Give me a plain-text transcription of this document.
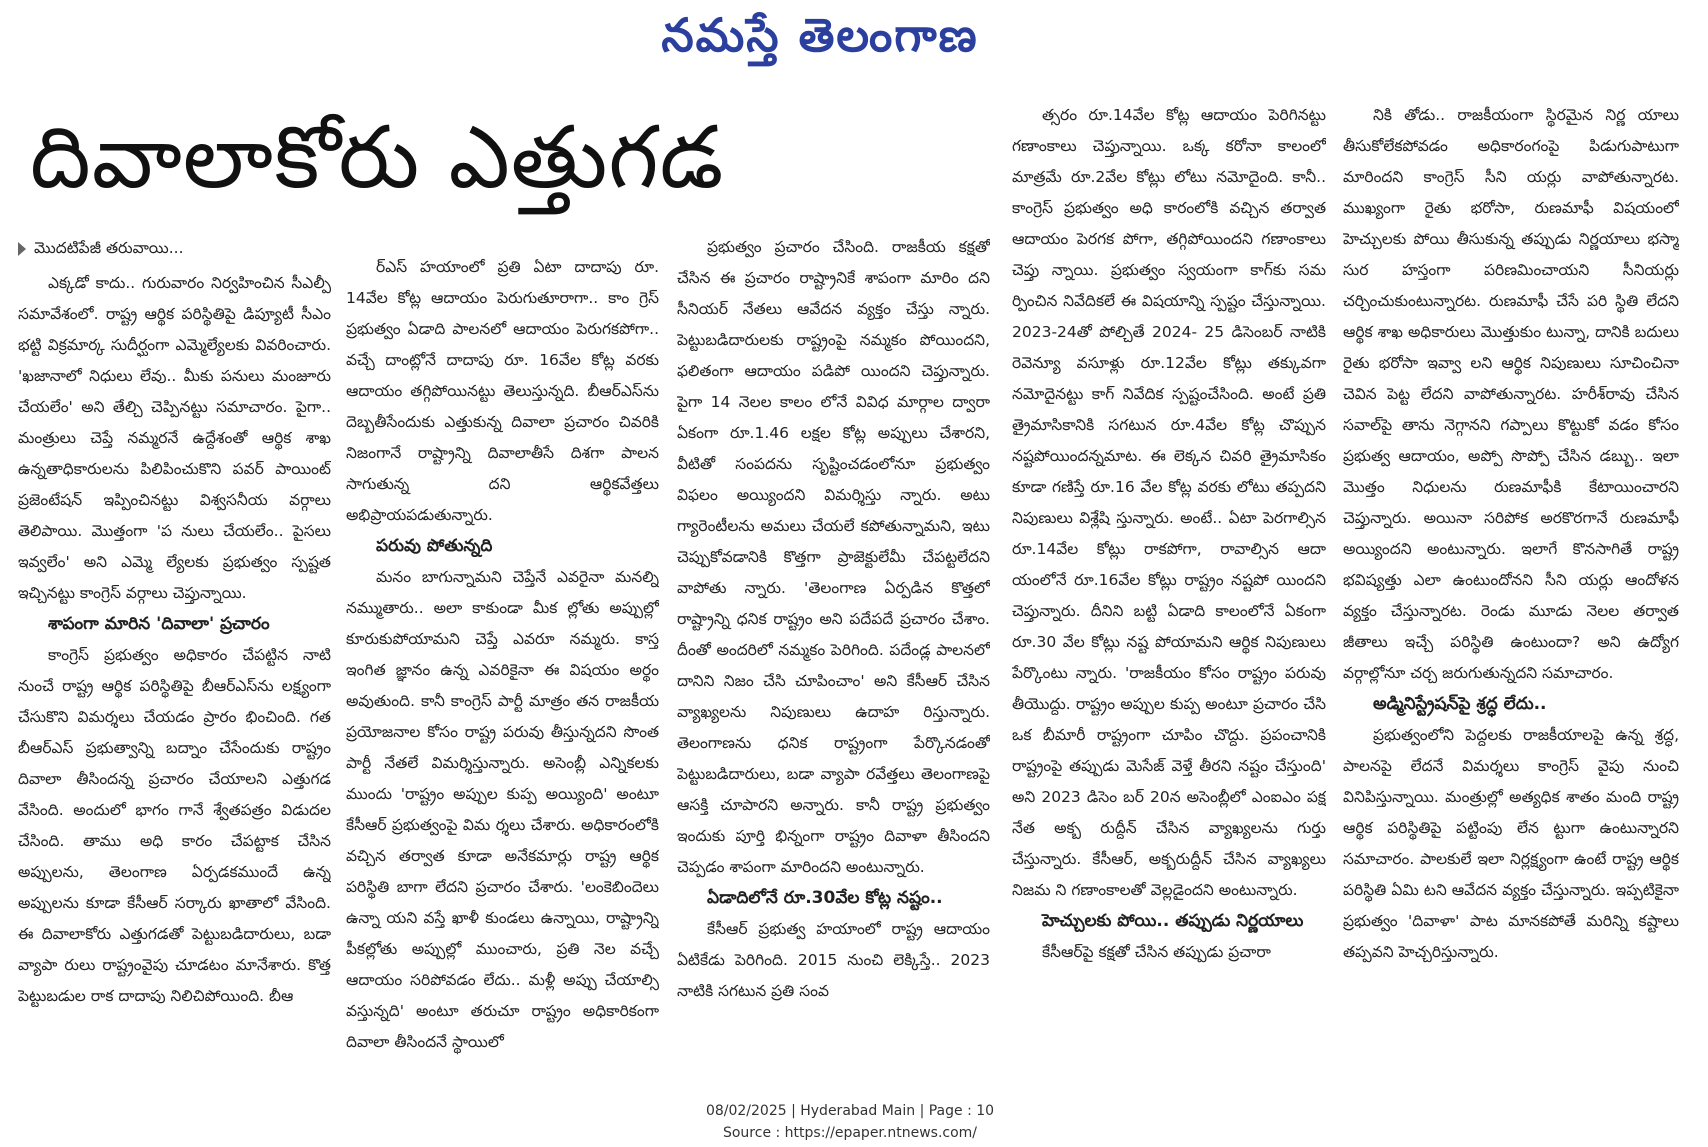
నమస్తే తెలంగాణ
దివాలాకోరు ఎత్తుగడ
మొదటిపేజీ తరువాయి...

ఎక్కడో కాదు.. గురువారం నిర్వహించిన సీఎల్పీ సమావేశంలో. రాష్ట్ర ఆర్థిక పరిస్థితిపై డిప్యూటీ సీఎం భట్టి విక్రమార్క సుదీర్ఘంగా ఎమ్మెల్యేలకు వివరించారు. 'ఖజానాలో నిధులు లేవు.. మీకు పనులు మంజూరు చేయలేం' అని తేల్చి చెప్పినట్టు సమాచారం. పైగా.. మంత్రులు చెప్తే నమ్మరనే ఉద్దేశంతో ఆర్థిక శాఖ ఉన్నతాధికారులను పిలిపించుకొని పవర్ పాయింట్ ప్రజెంటేషన్ ఇప్పించినట్టు విశ్వసనీయ వర్గాలు తెలిపాయి. మొత్తంగా 'ప నులు చేయలేం.. పైసలు ఇవ్వలేం' అని ఎమ్మె ల్యేలకు ప్రభుత్వం స్పష్టత ఇచ్చినట్టు కాంగ్రెస్ వర్గాలు చెప్తున్నాయి.

శాపంగా మారిన 'దివాలా' ప్రచారం

కాంగ్రెస్ ప్రభుత్వం అధికారం చేపట్టిన నాటి నుంచే రాష్ట్ర ఆర్థిక పరిస్థితిపై బీఆర్ఎస్‌ను లక్ష్యంగా చేసుకొని విమర్శలు చేయడం ప్రారం భించింది. గత బీఆర్ఎస్ ప్రభుత్వాన్ని బద్నాం చేసేందుకు రాష్ట్రం దివాలా తీసిందన్న ప్రచారం చేయాలని ఎత్తుగడ వేసింది. అందులో భాగం గానే శ్వేతపత్రం విడుదల చేసింది. తాము అధి కారం చేపట్టాక చేసిన అప్పులను, తెలంగాణ ఏర్పడకముందే ఉన్న అప్పులను కూడా కేసీఆర్ సర్కారు ఖాతాలో వేసింది. ఈ దివాలాకోరు ఎత్తుగడతో పెట్టుబడిదారులు, బడా వ్యాపా రులు రాష్ట్రంవైపు చూడటం మానేశారు. కొత్త పెట్టుబడుల రాక దాదాపు నిలిచిపోయింది. బీఆ

ర్ఎస్ హయాంలో ప్రతి ఏటా దాదాపు రూ. 14వేల కోట్ల ఆదాయం పెరుగుతూరాగా.. కాం గ్రెస్ ప్రభుత్వం ఏడాది పాలనలో ఆదాయం పెరుగకపోగా.. వచ్చే దాంట్లోనే దాదాపు రూ. 16వేల కోట్ల వరకు ఆదాయం తగ్గిపోయినట్టు తెలుస్తున్నది. బీఆర్ఎస్‌ను దెబ్బతీసేందుకు ఎత్తుకున్న దివాలా ప్రచారం చివరికి నిజంగానే రాష్ట్రాన్ని దివాలాతీసే దిశగా పాలన సాగుతున్న దని ఆర్థికవేత్తలు అభిప్రాయపడుతున్నారు.

పరువు పోతున్నది

మనం బాగున్నామని చెప్తేనే ఎవరైనా మనల్ని నమ్ముతారు.. అలా కాకుండా మీక ల్లోతు అప్పుల్లో కూరుకుపోయామని చెప్తే ఎవరూ నమ్మరు. కాస్త ఇంగిత జ్ఞానం ఉన్న ఎవరికైనా ఈ విషయం అర్థం అవుతుంది. కానీ కాంగ్రెస్ పార్టీ మాత్రం తన రాజకీయ ప్రయోజనాల కోసం రాష్ట్ర పరువు తీస్తున్నదని సొంత పార్టీ నేతలే విమర్శిస్తున్నారు. అసెంబ్లీ ఎన్నికలకు ముందు 'రాష్ట్రం అప్పుల కుప్ప అయ్యింది' అంటూ కేసీఆర్ ప్రభుత్వంపై విమ ర్శలు చేశారు. అధికారంలోకి వచ్చిన తర్వాత కూడా అనేకమార్లు రాష్ట్ర ఆర్థిక పరిస్థితి బాగా లేదని ప్రచారం చేశారు. 'లంకెబిందెలు ఉన్నా యని వస్తే ఖాళీ కుండలు ఉన్నాయి, రాష్ట్రాన్ని పీకల్లోతు అప్పుల్లో ముంచారు, ప్రతి నెల వచ్చే ఆదాయం సరిపోవడం లేదు.. మళ్లీ అప్పు చేయాల్సి వస్తున్నది' అంటూ తరుచూ రాష్ట్రం అధికారికంగా దివాలా తీసిందనే స్థాయిలో

ప్రభుత్వం ప్రచారం చేసింది. రాజకీయ కక్షతో చేసిన ఈ ప్రచారం రాష్ట్రానికే శాపంగా మారిం దని సీనియర్ నేతలు ఆవేదన వ్యక్తం చేస్తు న్నారు. పెట్టుబడిదారులకు రాష్ట్రంపై నమ్మకం పోయిందని, ఫలితంగా ఆదాయం పడిపో యిందని చెప్తున్నారు. పైగా 14 నెలల కాలం లోనే వివిధ మార్గాల ద్వారా ఏకంగా రూ.1.46 లక్షల కోట్ల అప్పులు చేశారని, వీటితో సంపదను సృష్టించడంలోనూ ప్రభుత్వం విఫలం అయ్యిందని విమర్శిస్తు న్నారు. అటు గ్యారెంటీలను అమలు చేయలే కపోతున్నామని, ఇటు చెప్పుకోవడానికి కొత్తగా ప్రాజెక్టులేమీ చేపట్టలేదని వాపోతు న్నారు. 'తెలంగాణ ఏర్పడిన కొత్తలో రాష్ట్రాన్ని ధనిక రాష్ట్రం అని పదేపదే ప్రచారం చేశాం. దీంతో అందరిలో నమ్మకం పెరిగింది. పదేండ్ల పాలనలో దానిని నిజం చేసి చూపించాం' అని కేసీఆర్ చేసిన వ్యాఖ్యలను నిపుణులు ఉదాహ రిస్తున్నారు. తెలంగాణను ధనిక రాష్ట్రంగా పేర్కొనడంతో పెట్టుబడిదారులు, బడా వ్యాపా రవేత్తలు తెలంగాణపై ఆసక్తి చూపారని అన్నారు. కానీ రాష్ట్ర ప్రభుత్వం ఇందుకు పూర్తి భిన్నంగా రాష్ట్రం దివాళా తీసిందని చెప్పడం శాపంగా మారిందని అంటున్నారు.

ఏడాదిలోనే రూ.30వేల కోట్ల నష్టం..

కేసీఆర్ ప్రభుత్వ హయాంలో రాష్ట్ర ఆదాయం ఏటికేడు పెరిగింది. 2015 నుంచి లెక్కిస్తే.. 2023 నాటికి సగటున ప్రతి సంవ

త్సరం రూ.14వేల కోట్ల ఆదాయం పెరిగినట్టు గణాంకాలు చెప్తున్నాయి. ఒక్క కరోనా కాలంలో మాత్రమే రూ.2వేల కోట్లు లోటు నమోదైంది. కానీ.. కాంగ్రెస్ ప్రభుత్వం అధి కారంలోకి వచ్చిన తర్వాత ఆదాయం పెరగక పోగా, తగ్గిపోయిందని గణాంకాలు చెప్తు న్నాయి. ప్రభుత్వం స్వయంగా కాగ్‌కు సమ ర్పించిన నివేదికలే ఈ విషయాన్ని స్పష్టం చేస్తున్నాయి. 2023-24తో పోల్చితే 2024- 25 డిసెంబర్ నాటికి రెవెన్యూ వసూళ్లు రూ.12వేల కోట్లు తక్కువగా నమోదైనట్టు కాగ్ నివేదిక స్పష్టంచేసింది. అంటే ప్రతి త్రైమాసికానికి సగటున రూ.4వేల కోట్ల చొప్పున నష్టపోయిందన్నమాట. ఈ లెక్కన చివరి త్రైమాసికం కూడా గణిస్తే రూ.16 వేల కోట్ల వరకు లోటు తప్పదని నిపుణులు విశ్లేషి స్తున్నారు. అంటే.. ఏటా పెరగాల్సిన రూ.14వేల కోట్లు రాకపోగా, రావాల్సిన ఆదా యంలోనే రూ.16వేల కోట్లు రాష్ట్రం నష్టపో యిందని చెప్తున్నారు. దీనిని బట్టి ఏడాది కాలంలోనే ఏకంగా రూ.30 వేల కోట్లు నష్ట పోయామని ఆర్థిక నిపుణులు పేర్కొంటు న్నారు. 'రాజకీయం కోసం రాష్ట్రం పరువు తీయొద్దు. రాష్ట్రం అప్పుల కుప్ప అంటూ ప్రచారం చేసి ఒక బీమారీ రాష్ట్రంగా చూపిం చొద్దు. ప్రపంచానికి రాష్ట్రంపై తప్పుడు మెసేజ్ వెళ్తే తీరని నష్టం చేస్తుంది' అని 2023 డిసెం బర్ 20న అసెంబ్లీలో ఎంఐఎం పక్ష నేత అక్బ రుద్దీన్ చేసిన వ్యాఖ్యలను గుర్తు చేస్తున్నారు. కేసీఆర్, అక్బరుద్దీన్ చేసిన వ్యాఖ్యలు నిజమ ని గణాంకాలతో వెల్లడైందని అంటున్నారు.

హెచ్చులకు పోయి.. తప్పుడు నిర్ణయాలు

కేసీఆర్‌పై కక్షతో చేసిన తప్పుడు ప్రచారా

నికి తోడు.. రాజకీయంగా స్థిరమైన నిర్ణ యాలు తీసుకోలేకపోవడం అధికారంగంపై పిడుగుపాటుగా మారిందని కాంగ్రెస్ సీని యర్లు వాపోతున్నారట. ముఖ్యంగా రైతు భరోసా, రుణమాఫీ విషయంలో హెచ్చులకు పోయి తీసుకున్న తప్పుడు నిర్ణయాలు భస్మా సుర హస్తంగా పరిణమించాయని సీనియర్లు చర్చించుకుంటున్నారట. రుణమాఫీ చేసే పరి స్థితి లేదని ఆర్థిక శాఖ అధికారులు మొత్తుకుం టున్నా, దానికి బదులు రైతు భరోసా ఇవ్వా లని ఆర్థిక నిపుణులు సూచించినా చెవిన పెట్ట లేదని వాపోతున్నారట. హరీశ్‌రావు చేసిన సవాల్‌పై తాను నెగ్గానని గప్పాలు కొట్టుకో వడం కోసం ప్రభుత్వ ఆదాయం, అప్పో సొప్పో చేసిన డబ్బు.. ఇలా మొత్తం నిధులను రుణమాఫీకి కేటాయించారని చెప్తున్నారు. అయినా సరిపోక అరకొరగానే రుణమాఫీ అయ్యిందని అంటున్నారు. ఇలాగే కొనసాగితే రాష్ట్ర భవిష్యత్తు ఎలా ఉంటుందోనని సీని యర్లు ఆందోళన వ్యక్తం చేస్తున్నారట. రెండు మూడు నెలల తర్వాత జీతాలు ఇచ్చే పరిస్థితి ఉంటుందా? అని ఉద్యోగ వర్గాల్లోనూ చర్చ జరుగుతున్నదని సమాచారం.

అడ్మినిస్ట్రేషన్‌పై శ్రద్ధ లేదు..

ప్రభుత్వంలోని పెద్దలకు రాజకీయాలపై ఉన్న శ్రద్ధ, పాలనపై లేదనే విమర్శలు కాంగ్రెస్ వైపు నుంచి వినిపిస్తున్నాయి. మంత్రుల్లో అత్యధిక శాతం మంది రాష్ట్ర ఆర్థిక పరిస్థితిపై పట్టింపు లేన ట్టుగా ఉంటున్నారని సమాచారం. పాలకులే ఇలా నిర్లక్ష్యంగా ఉంటే రాష్ట్ర ఆర్థిక పరిస్థితి ఏమి టని ఆవేదన వ్యక్తం చేస్తున్నారు. ఇప్పటికైనా ప్రభుత్వం 'దివాళా' పాట మానకపోతే మరిన్ని కష్టాలు తప్పవని హెచ్చరిస్తున్నారు.

08/02/2025 | Hyderabad Main | Page : 10
Source : https://epaper.ntnews.com/
